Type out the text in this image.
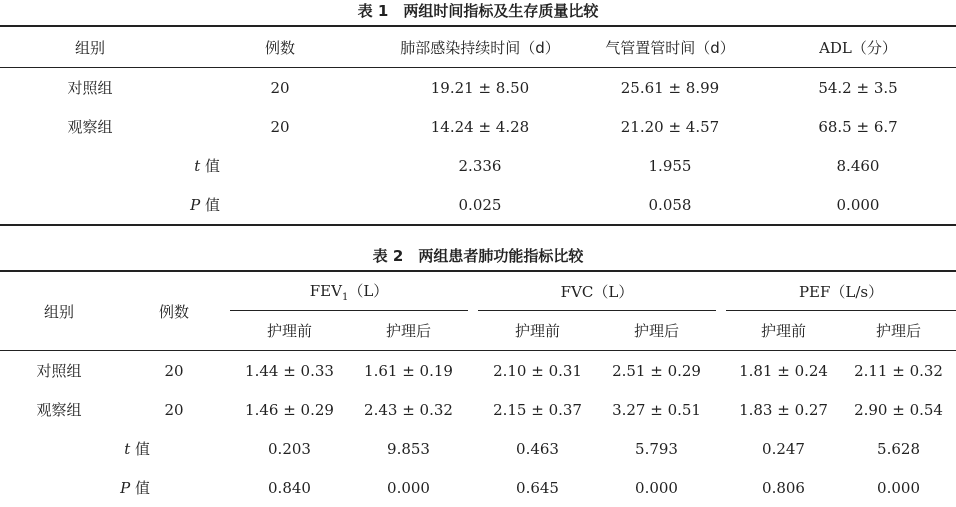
表 1　两组时间指标及生存质量比较
组别	例数	肺部感染持续时间（d）	气管置管时间（d）	ADL（分）
对照组	20	19.21 ± 8.50	25.61 ± 8.99	54.2 ± 3.5
观察组	20	14.24 ± 4.28	21.20 ± 4.57	68.5 ± 6.7
t 值		2.336	1.955	8.460
P 值		0.025	0.058	0.000
表 2　两组患者肺功能指标比较
组别	例数	$FEV_1(L)$			FVC（L）			PEF（L/s）	
		护理前	护理后		护理前	护理后		护理前	护理后
对照组	20	1.44 ± 0.33	1.61 ± 0.19		2.10 ± 0.31	2.51 ± 0.29		1.81 ± 0.24	2.11 ± 0.32
观察组	20	1.46 ± 0.29	2.43 ± 0.32		2.15 ± 0.37	3.27 ± 0.51		1.83 ± 0.27	2.90 ± 0.54
t 值		0.203	9.853		0.463	5.793		0.247	5.628
P 值		0.840	0.000		0.645	0.000		0.806	0.000
